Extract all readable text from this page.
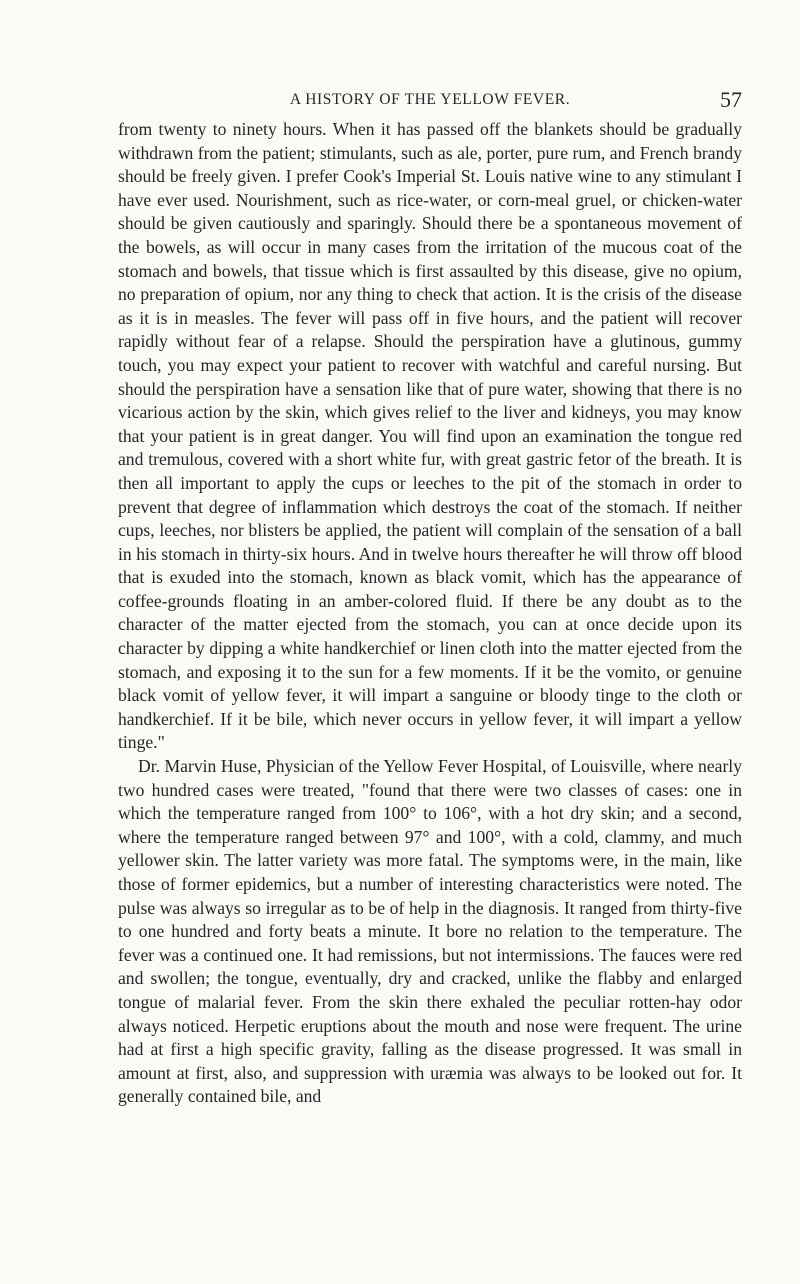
A HISTORY OF THE YELLOW FEVER.	57

from twenty to ninety hours. When it has passed off the blankets should be gradually withdrawn from the patient; stimulants, such as ale, porter, pure rum, and French brandy should be freely given. I prefer Cook's Imperial St. Louis native wine to any stimulant I have ever used. Nourishment, such as rice-water, or corn-meal gruel, or chicken-water should be given cautiously and sparingly. Should there be a spontaneous movement of the bowels, as will occur in many cases from the irritation of the mucous coat of the stomach and bowels, that tissue which is first assaulted by this disease, give no opium, no preparation of opium, nor any thing to check that action. It is the crisis of the disease as it is in measles. The fever will pass off in five hours, and the patient will recover rapidly without fear of a relapse. Should the perspiration have a glutinous, gummy touch, you may expect your patient to recover with watchful and careful nursing. But should the perspiration have a sensation like that of pure water, showing that there is no vicarious action by the skin, which gives relief to the liver and kidneys, you may know that your patient is in great danger. You will find upon an examination the tongue red and tremulous, covered with a short white fur, with great gastric fetor of the breath. It is then all important to apply the cups or leeches to the pit of the stomach in order to prevent that degree of inflammation which destroys the coat of the stomach. If neither cups, leeches, nor blisters be applied, the patient will complain of the sensation of a ball in his stomach in thirty-six hours. And in twelve hours thereafter he will throw off blood that is exuded into the stomach, known as black vomit, which has the appearance of coffee-grounds floating in an amber-colored fluid. If there be any doubt as to the character of the matter ejected from the stomach, you can at once decide upon its character by dipping a white handkerchief or linen cloth into the matter ejected from the stomach, and exposing it to the sun for a few moments. If it be the vomito, or genuine black vomit of yellow fever, it will impart a sanguine or bloody tinge to the cloth or handkerchief. If it be bile, which never occurs in yellow fever, it will impart a yellow tinge."

Dr. Marvin Huse, Physician of the Yellow Fever Hospital, of Louisville, where nearly two hundred cases were treated, "found that there were two classes of cases: one in which the temperature ranged from 100° to 106°, with a hot dry skin; and a second, where the temperature ranged between 97° and 100°, with a cold, clammy, and much yellower skin. The latter variety was more fatal. The symptoms were, in the main, like those of former epidemics, but a number of interesting characteristics were noted. The pulse was always so irregular as to be of help in the diagnosis. It ranged from thirty-five to one hundred and forty beats a minute. It bore no relation to the temperature. The fever was a continued one. It had remissions, but not intermissions. The fauces were red and swollen; the tongue, eventually, dry and cracked, unlike the flabby and enlarged tongue of malarial fever. From the skin there exhaled the peculiar rotten-hay odor always noticed. Herpetic eruptions about the mouth and nose were frequent. The urine had at first a high specific gravity, falling as the disease progressed. It was small in amount at first, also, and suppression with uræmia was always to be looked out for. It generally contained bile, and
